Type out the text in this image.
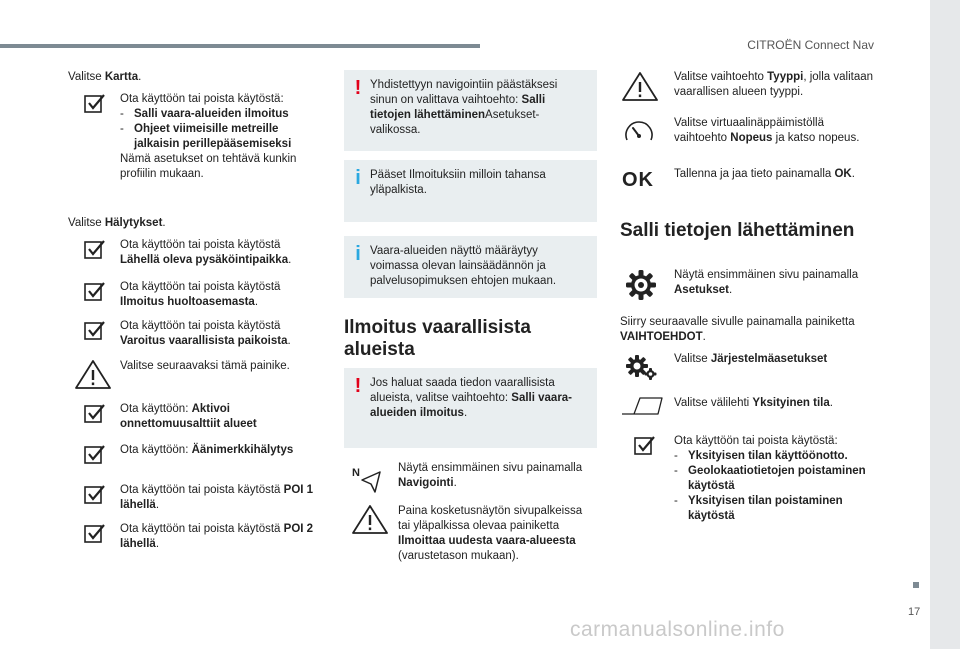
CITROËN Connect Nav
17
carmanualsonline.info
Valitse Kartta.
Ota käyttöön tai poista käytöstä:
- Salli vaara-alueiden ilmoitus
- Ohjeet viimeisille metreille jalkaisin perillepääsemiseksi
Nämä asetukset on tehtävä kunkin profiilin mukaan.
Valitse Hälytykset.
Ota käyttöön tai poista käytöstä Lähellä oleva pysäköintipaikka.
Ota käyttöön tai poista käytöstä Ilmoitus huoltoasemasta.
Ota käyttöön tai poista käytöstä Varoitus vaarallisista paikoista.
Valitse seuraavaksi tämä painike.
Ota käyttöön: Aktivoi onnettomuusalttiit alueet
Ota käyttöön: Äänimerkkihälytys
Ota käyttöön tai poista käytöstä POI 1 lähellä.
Ota käyttöön tai poista käytöstä POI 2 lähellä.
! Yhdistettyyn navigointiin päästäksesi sinun on valittava vaihtoehto: Salli tietojen lähettäminenAsetukset-valikossa.
i Pääset Ilmoituksiin milloin tahansa yläpalkista.
i Vaara-alueiden näyttö määräytyy voimassa olevan lainsäädännön ja palvelusopimuksen ehtojen mukaan.
Ilmoitus vaarallisista alueista
! Jos haluat saada tiedon vaarallisista alueista, valitse vaihtoehto: Salli vaara-alueiden ilmoitus.
N	Näytä ensimmäinen sivu painamalla Navigointi.
Paina kosketusnäytön sivupalkeissa tai yläpalkissa olevaa painiketta Ilmoittaa uudesta vaara-alueesta (varustetason mukaan).
Valitse vaihtoehto Tyyppi, jolla valitaan vaarallisen alueen tyyppi.
Valitse virtuaalinäppäimistöllä vaihtoehto Nopeus ja katso nopeus.
OK Tallenna ja jaa tieto painamalla OK.
Salli tietojen lähettäminen
Näytä ensimmäinen sivu painamalla Asetukset.
Siirry seuraavalle sivulle painamalla painiketta VAIHTOEHDOT.
Valitse Järjestelmäasetukset
Valitse välilehti Yksityinen tila.
Ota käyttöön tai poista käytöstä:
- Yksityisen tilan käyttöönotto.
- Geolokaatiotietojen poistaminen käytöstä
- Yksityisen tilan poistaminen käytöstä
